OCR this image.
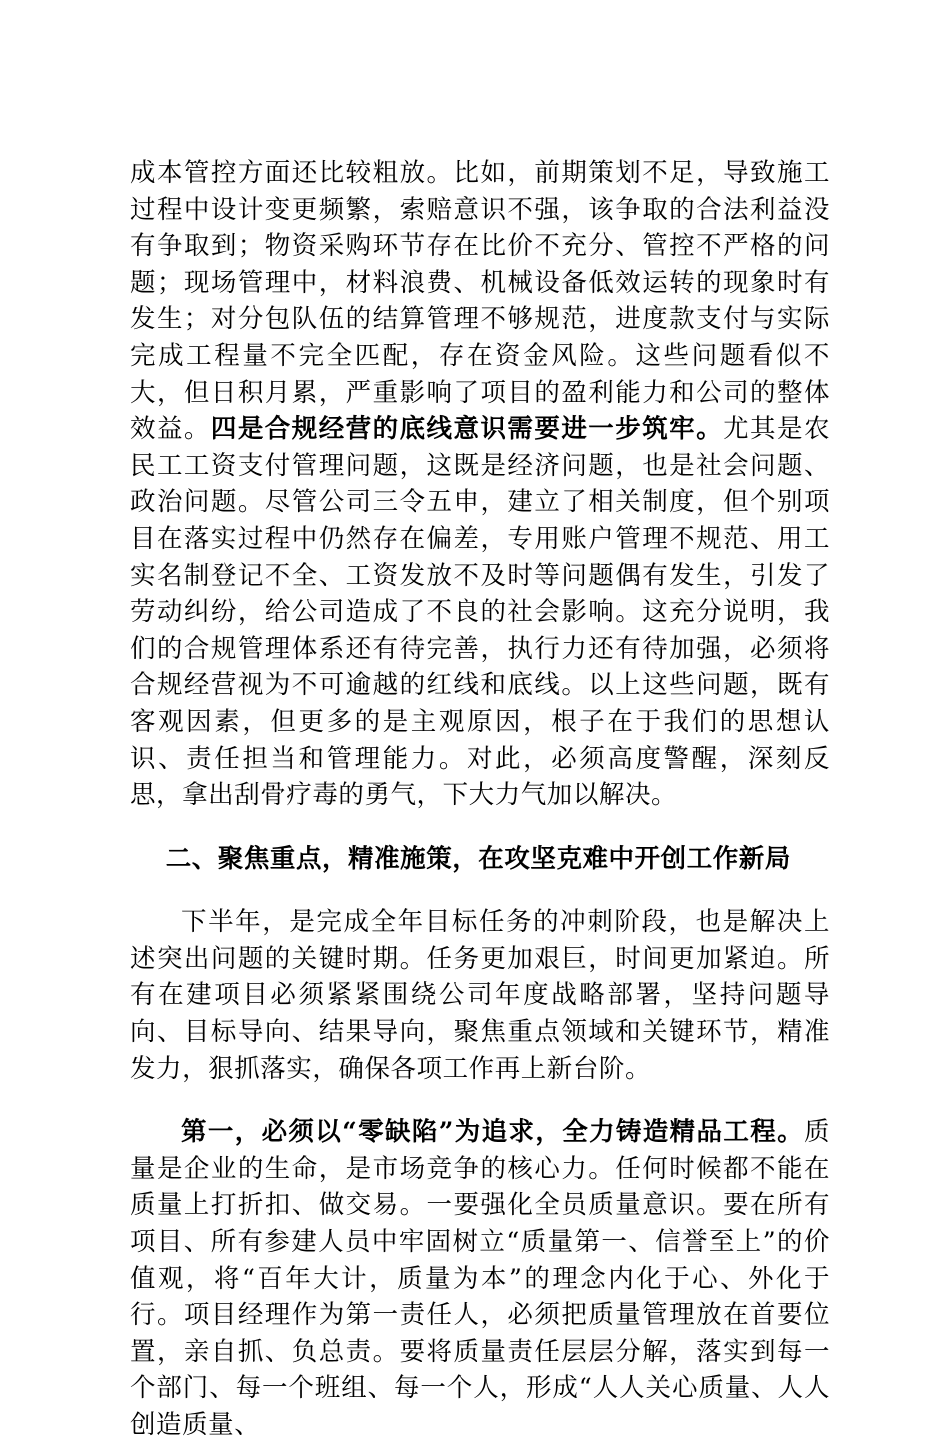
成本管控方面还比较粗放。比如，前期策划不足，导致施工过程中设计变更频繁，索赔意识不强，该争取的合法利益没有争取到；物资采购环节存在比价不充分、管控不严格的问题；现场管理中，材料浪费、机械设备低效运转的现象时有发生；对分包队伍的结算管理不够规范，进度款支付与实际完成工程量不完全匹配，存在资金风险。这些问题看似不大，但日积月累，严重影响了项目的盈利能力和公司的整体效益。四是合规经营的底线意识需要进一步筑牢。尤其是农民工工资支付管理问题，这既是经济问题，也是社会问题、政治问题。尽管公司三令五申，建立了相关制度，但个别项目在落实过程中仍然存在偏差，专用账户管理不规范、用工实名制登记不全、工资发放不及时等问题偶有发生，引发了劳动纠纷，给公司造成了不良的社会影响。这充分说明，我们的合规管理体系还有待完善，执行力还有待加强，必须将合规经营视为不可逾越的红线和底线。以上这些问题，既有客观因素，但更多的是主观原因，根子在于我们的思想认识、责任担当和管理能力。对此，必须高度警醒，深刻反思，拿出刮骨疗毒的勇气，下大力气加以解决。

二、聚焦重点，精准施策，在攻坚克难中开创工作新局

下半年，是完成全年目标任务的冲刺阶段，也是解决上述突出问题的关键时期。任务更加艰巨，时间更加紧迫。所有在建项目必须紧紧围绕公司年度战略部署，坚持问题导向、目标导向、结果导向，聚焦重点领域和关键环节，精准发力，狠抓落实，确保各项工作再上新台阶。

第一，必须以“零缺陷”为追求，全力铸造精品工程。质量是企业的生命，是市场竞争的核心力。任何时候都不能在质量上打折扣、做交易。一要强化全员质量意识。要在所有项目、所有参建人员中牢固树立“质量第一、信誉至上”的价值观，将“百年大计，质量为本”的理念内化于心、外化于行。项目经理作为第一责任人，必须把质量管理放在首要位置，亲自抓、负总责。要将质量责任层层分解，落实到每一个部门、每一个班组、每一个人，形成“人人关心质量、人人创造质量、
